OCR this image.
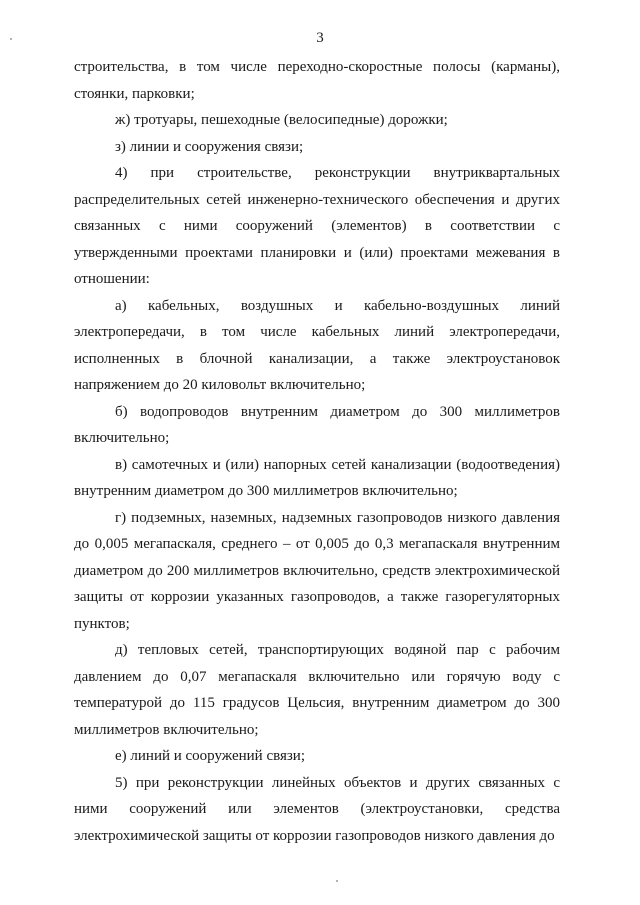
3

строительства, в том числе переходно-скоростные полосы (карманы), стоянки, парковки;

ж) тротуары, пешеходные (велосипедные) дорожки;

з) линии и сооружения связи;

4) при строительстве, реконструкции внутриквартальных распределительных сетей инженерно-технического обеспечения и других связанных с ними сооружений (элементов) в соответствии с утвержденными проектами планировки и (или) проектами межевания в отношении:

а) кабельных, воздушных и кабельно-воздушных линий электропередачи, в том числе кабельных линий электропередачи, исполненных в блочной канализации, а также электроустановок напряжением до 20 киловольт включительно;

б) водопроводов внутренним диаметром до 300 миллиметров включительно;

в) самотечных и (или) напорных сетей канализации (водоотведения) внутренним диаметром до 300 миллиметров включительно;

г) подземных, наземных, надземных газопроводов низкого давления до 0,005 мегапаскаля, среднего – от 0,005 до 0,3 мегапаскаля внутренним диаметром до 200 миллиметров включительно, средств электрохимической защиты от коррозии указанных газопроводов, а также газорегуляторных пунктов;

д) тепловых сетей, транспортирующих водяной пар с рабочим давлением до 0,07 мегапаскаля включительно или горячую воду с температурой до 115 градусов Цельсия, внутренним диаметром до 300 миллиметров включительно;

е) линий и сооружений связи;

5) при реконструкции линейных объектов и других связанных с ними сооружений или элементов (электроустановки, средства электрохимической защиты от коррозии газопроводов низкого давления до
